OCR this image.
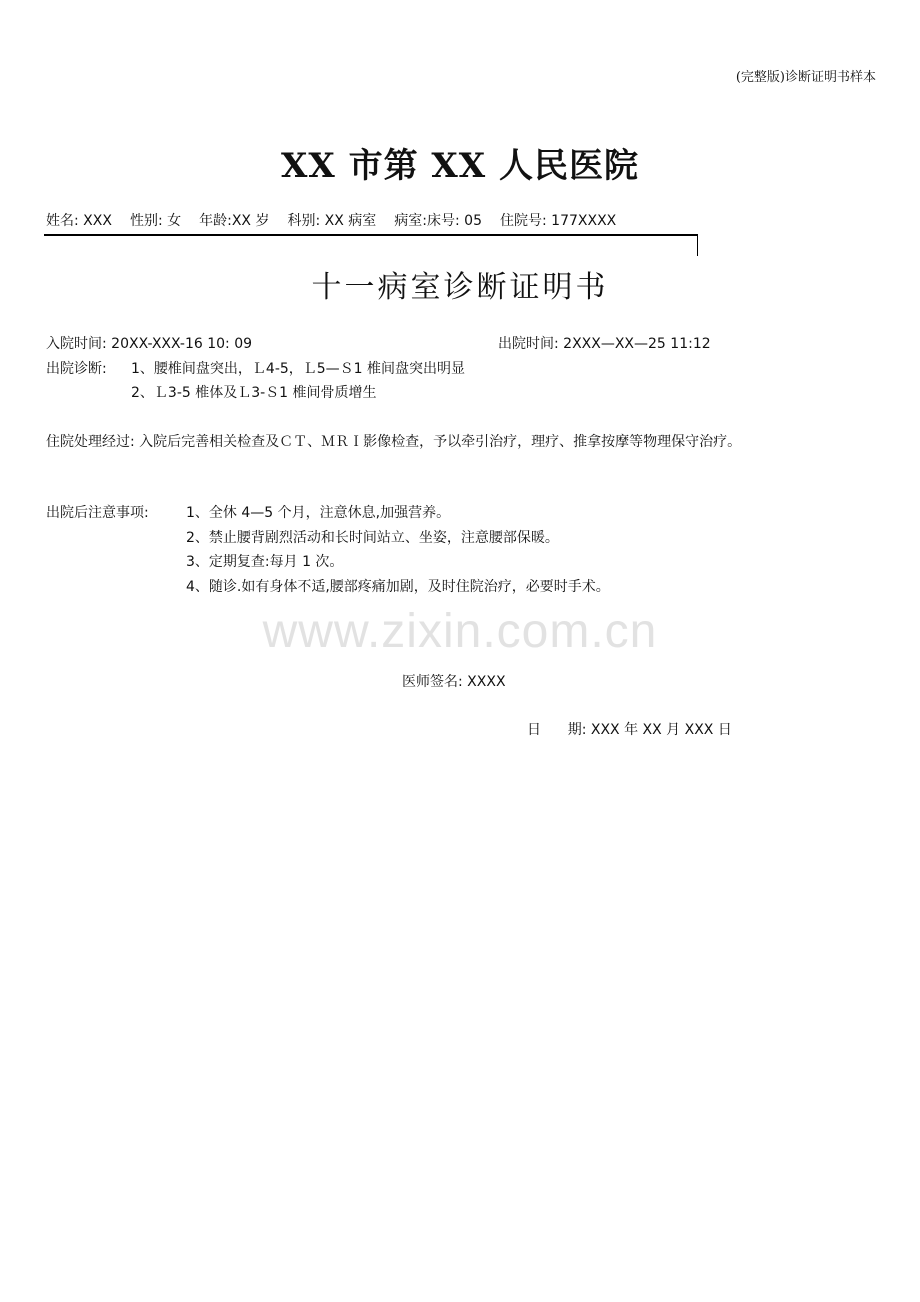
(完整版)诊断证明书样本
XX 市第 XX 人民医院
姓名: XXX 性别: 女 年龄:XX 岁 科别: XX 病室 病室:床号: 05 住院号: 177XXXX
十一病室诊断证明书
入院时间: 20XX-XXX-16 10: 09	出院时间: 2XXX—XX—25 11:12
出院诊断: 1、腰椎间盘突出，Ｌ4-5，Ｌ5—Ｓ1 椎间盘突出明显
2、Ｌ3-5 椎体及Ｌ3-Ｓ1 椎间骨质增生
住院处理经过: 入院后完善相关检查及ＣＴ、ＭＲＩ影像检查，予以牵引治疗，理疗、推拿按摩等物理保守治疗。
出院后注意事项:	1、全休 4—5 个月，注意休息,加强营养。
2、禁止腰背剧烈活动和长时间站立、坐姿，注意腰部保暖。
3、定期复查:每月 1 次。
4、随诊.如有身体不适,腰部疼痛加剧，及时住院治疗，必要时手术。
www.zixin.com.cn
医师签名: XXXX
日      期: XXX 年 XX 月 XXX 日
